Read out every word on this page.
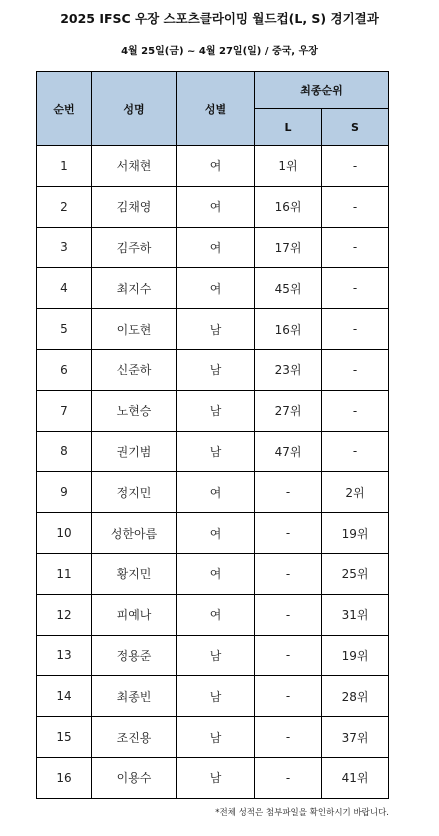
2025 IFSC 우장 스포츠클라이밍 월드컵(L, S) 경기결과
4월 25일(금) ~ 4월 27일(일) / 중국, 우장
순번	성명	성별	최종순위	
			L	S
1	서채현	여	1위	-
2	김채영	여	16위	-
3	김주하	여	17위	-
4	최지수	여	45위	-
5	이도현	남	16위	-
6	신준하	남	23위	-
7	노현승	남	27위	-
8	권기범	남	47위	-
9	정지민	여	-	2위
10	성한아름	여	-	19위
11	황지민	여	-	25위
12	피예나	여	-	31위
13	정용준	남	-	19위
14	최종빈	남	-	28위
15	조진용	남	-	37위
16	이용수	남	-	41위
*전체 성적은 첨부파일을 확인하시기 바랍니다.
